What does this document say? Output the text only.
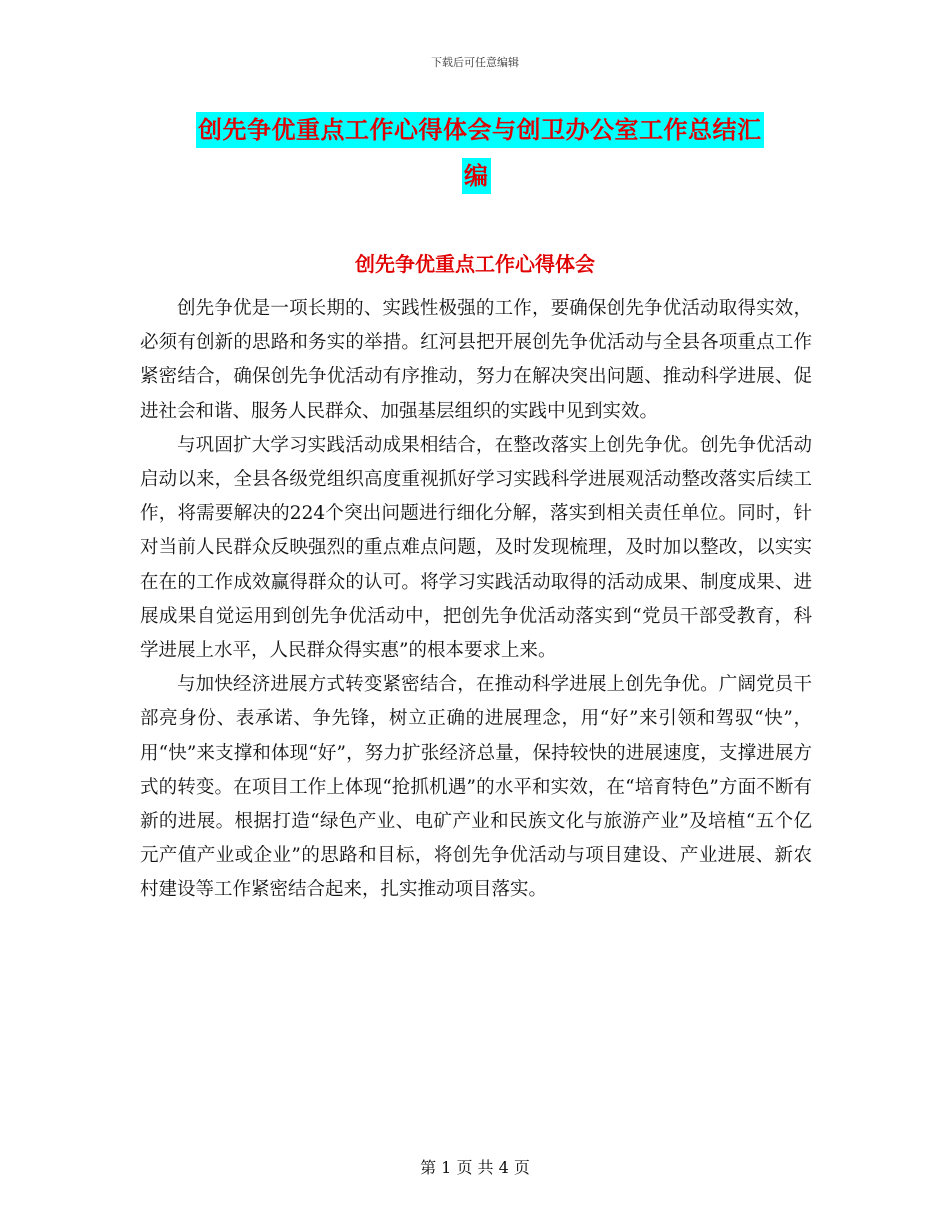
下载后可任意编辑
创先争优重点工作心得体会与创卫办公室工作总结汇
编
创先争优重点工作心得体会

创先争优是一项长期的、实践性极强的工作，要确保创先争优活动取得实效，必须有创新的思路和务实的举措。红河县把开展创先争优活动与全县各项重点工作紧密结合，确保创先争优活动有序推动，努力在解决突出问题、推动科学进展、促进社会和谐、服务人民群众、加强基层组织的实践中见到实效。

与巩固扩大学习实践活动成果相结合，在整改落实上创先争优。创先争优活动启动以来，全县各级党组织高度重视抓好学习实践科学进展观活动整改落实后续工作，将需要解决的224个突出问题进行细化分解，落实到相关责任单位。同时，针对当前人民群众反映强烈的重点难点问题，及时发现梳理，及时加以整改，以实实在在的工作成效赢得群众的认可。将学习实践活动取得的活动成果、制度成果、进展成果自觉运用到创先争优活动中，把创先争优活动落实到“党员干部受教育，科学进展上水平，人民群众得实惠”的根本要求上来。

与加快经济进展方式转变紧密结合，在推动科学进展上创先争优。广阔党员干部亮身份、表承诺、争先锋，树立正确的进展理念，用“好”来引领和驾驭“快”，用“快”来支撑和体现“好”，努力扩张经济总量，保持较快的进展速度，支撑进展方式的转变。在项目工作上体现“抢抓机遇”的水平和实效，在“培育特色”方面不断有新的进展。根据打造“绿色产业、电矿产业和民族文化与旅游产业”及培植“五个亿元产值产业或企业”的思路和目标，将创先争优活动与项目建设、产业进展、新农村建设等工作紧密结合起来，扎实推动项目落实。

第 1 页 共 4 页
